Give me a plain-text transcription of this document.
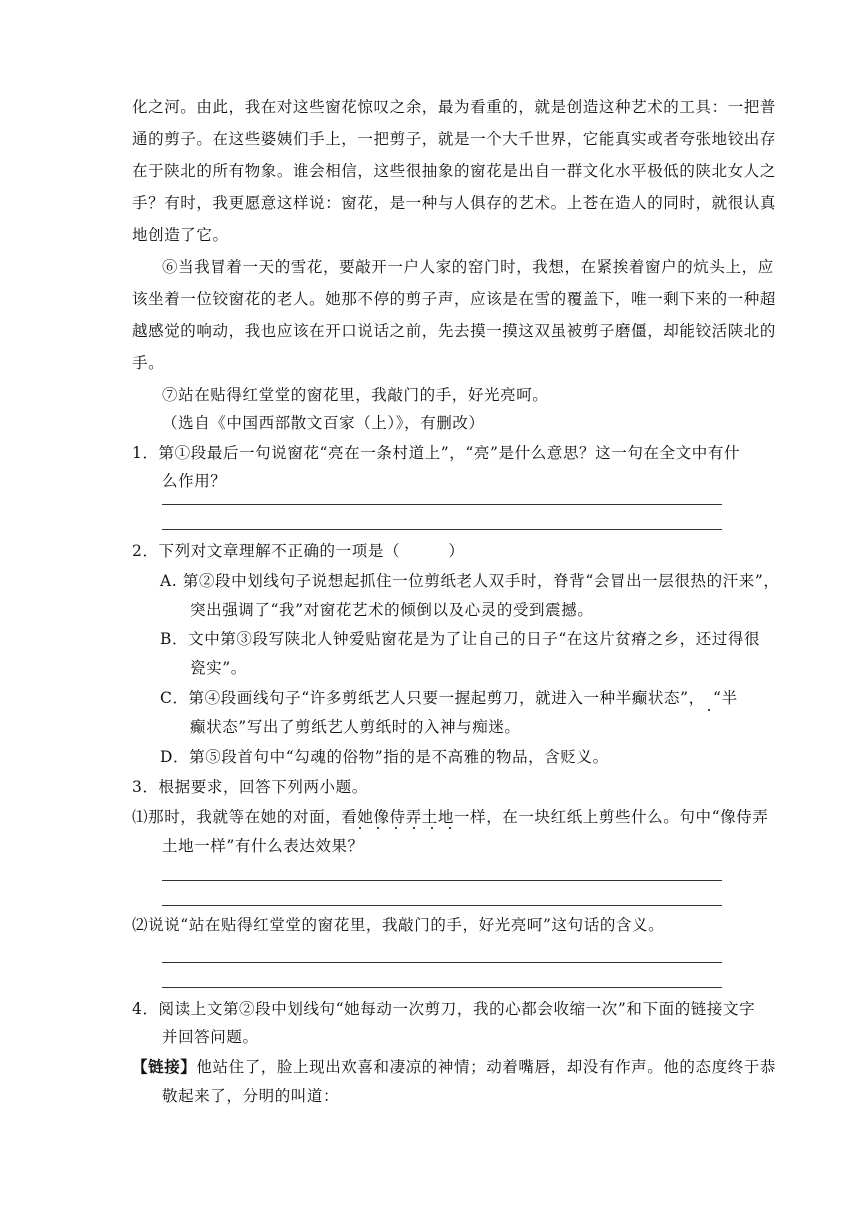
化之河。由此，我在对这些窗花惊叹之余，最为看重的，就是创造这种艺术的工具：一把普
通的剪子。在这些婆姨们手上，一把剪子，就是一个大千世界，它能真实或者夸张地铰出存
在于陕北的所有物象。谁会相信，这些很抽象的窗花是出自一群文化水平极低的陕北女人之
手？有时，我更愿意这样说：窗花，是一种与人俱存的艺术。上苍在造人的同时，就很认真
地创造了它。
⑥当我冒着一天的雪花，要敲开一户人家的窑门时，我想，在紧挨着窗户的炕头上，应
该坐着一位铰窗花的老人。她那不停的剪子声，应该是在雪的覆盖下，唯一剩下来的一种超
越感觉的响动，我也应该在开口说话之前，先去摸一摸这双虽被剪子磨僵，却能铰活陕北的
手。
⑦站在贴得红堂堂的窗花里，我敲门的手，好光亮呵。
（选自《中国西部散文百家（上）》，有删改）
1．第①段最后一句说窗花“亮在一条村道上”，“亮”是什么意思？这一句在全文中有什
么作用？
2．下列对文章理解不正确的一项是（　　　）
A. 第②段中划线句子说想起抓住一位剪纸老人双手时，脊背“会冒出一层很热的汗来”，
突出强调了“我”对窗花艺术的倾倒以及心灵的受到震撼。
B．文中第③段写陕北人钟爱贴窗花是为了让自己的日子“在这片贫瘠之乡，还过得很
瓷实”。
C．第④段画线句子“许多剪纸艺人只要一握起剪刀，就进入一种半癫状态”，　“半
癫状态”写出了剪纸艺人剪纸时的入神与痴迷。
D．第⑤段首句中“勾魂的俗物”指的是不高雅的物品，含贬义。
3．根据要求，回答下列两小题。
⑴那时，我就等在她的对面，看她像侍弄土地一样，在一块红纸上剪些什么。句中“像侍弄
土地一样”有什么表达效果？
⑵说说“站在贴得红堂堂的窗花里，我敲门的手，好光亮呵”这句话的含义。
4．阅读上文第②段中划线句“她每动一次剪刀，我的心都会收缩一次”和下面的链接文字
并回答问题。
【链接】他站住了，脸上现出欢喜和凄凉的神情；动着嘴唇，却没有作声。他的态度终于恭
敬起来了，分明的叫道：
